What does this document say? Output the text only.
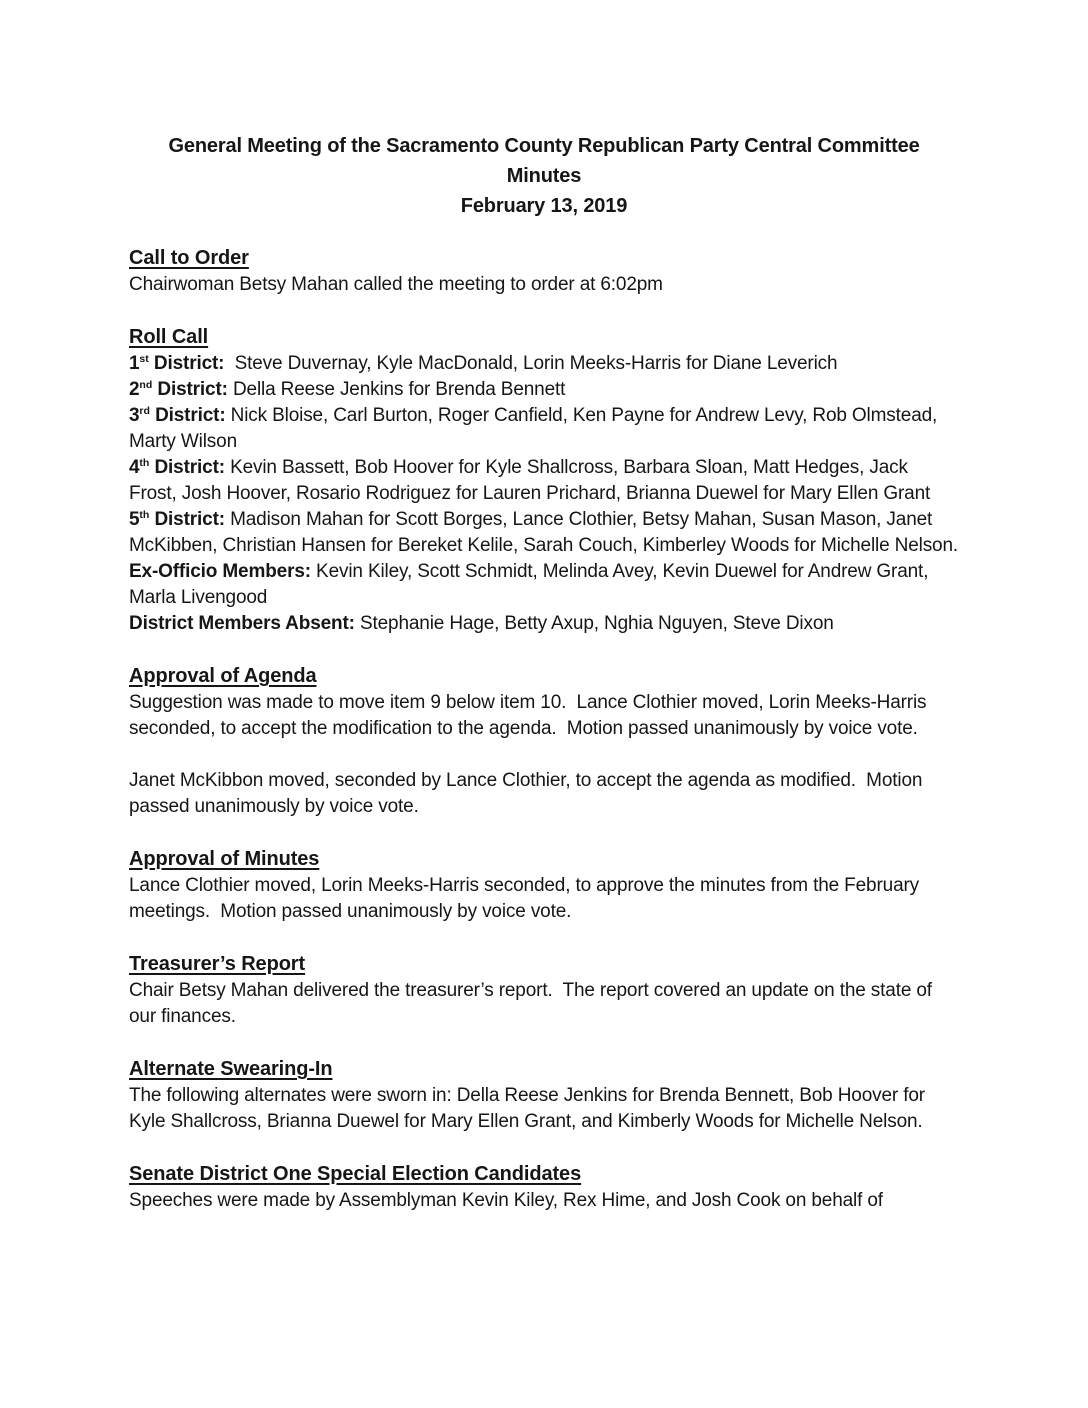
General Meeting of the Sacramento County Republican Party Central Committee
Minutes
February 13, 2019
Call to Order

Chairwoman Betsy Mahan called the meeting to order at 6:02pm

Roll Call

1st District:  Steve Duvernay, Kyle MacDonald, Lorin Meeks-Harris for Diane Leverich

2nd District: Della Reese Jenkins for Brenda Bennett

3rd District: Nick Bloise, Carl Burton, Roger Canfield, Ken Payne for Andrew Levy, Rob Olmstead, Marty Wilson

4th District: Kevin Bassett, Bob Hoover for Kyle Shallcross, Barbara Sloan, Matt Hedges, Jack Frost, Josh Hoover, Rosario Rodriguez for Lauren Prichard, Brianna Duewel for Mary Ellen Grant

5th District: Madison Mahan for Scott Borges, Lance Clothier, Betsy Mahan, Susan Mason, Janet McKibben, Christian Hansen for Bereket Kelile, Sarah Couch, Kimberley Woods for Michelle Nelson.

Ex-Officio Members: Kevin Kiley, Scott Schmidt, Melinda Avey, Kevin Duewel for Andrew Grant, Marla Livengood

District Members Absent: Stephanie Hage, Betty Axup, Nghia Nguyen, Steve Dixon

Approval of Agenda

Suggestion was made to move item 9 below item 10.  Lance Clothier moved, Lorin Meeks-Harris seconded, to accept the modification to the agenda.  Motion passed unanimously by voice vote.

Janet McKibbon moved, seconded by Lance Clothier, to accept the agenda as modified.  Motion passed unanimously by voice vote.

Approval of Minutes

Lance Clothier moved, Lorin Meeks-Harris seconded, to approve the minutes from the February meetings.  Motion passed unanimously by voice vote.

Treasurer’s Report

Chair Betsy Mahan delivered the treasurer’s report.  The report covered an update on the state of our finances.

Alternate Swearing-In

The following alternates were sworn in: Della Reese Jenkins for Brenda Bennett, Bob Hoover for Kyle Shallcross, Brianna Duewel for Mary Ellen Grant, and Kimberly Woods for Michelle Nelson.

Senate District One Special Election Candidates

Speeches were made by Assemblyman Kevin Kiley, Rex Hime, and Josh Cook on behalf of
